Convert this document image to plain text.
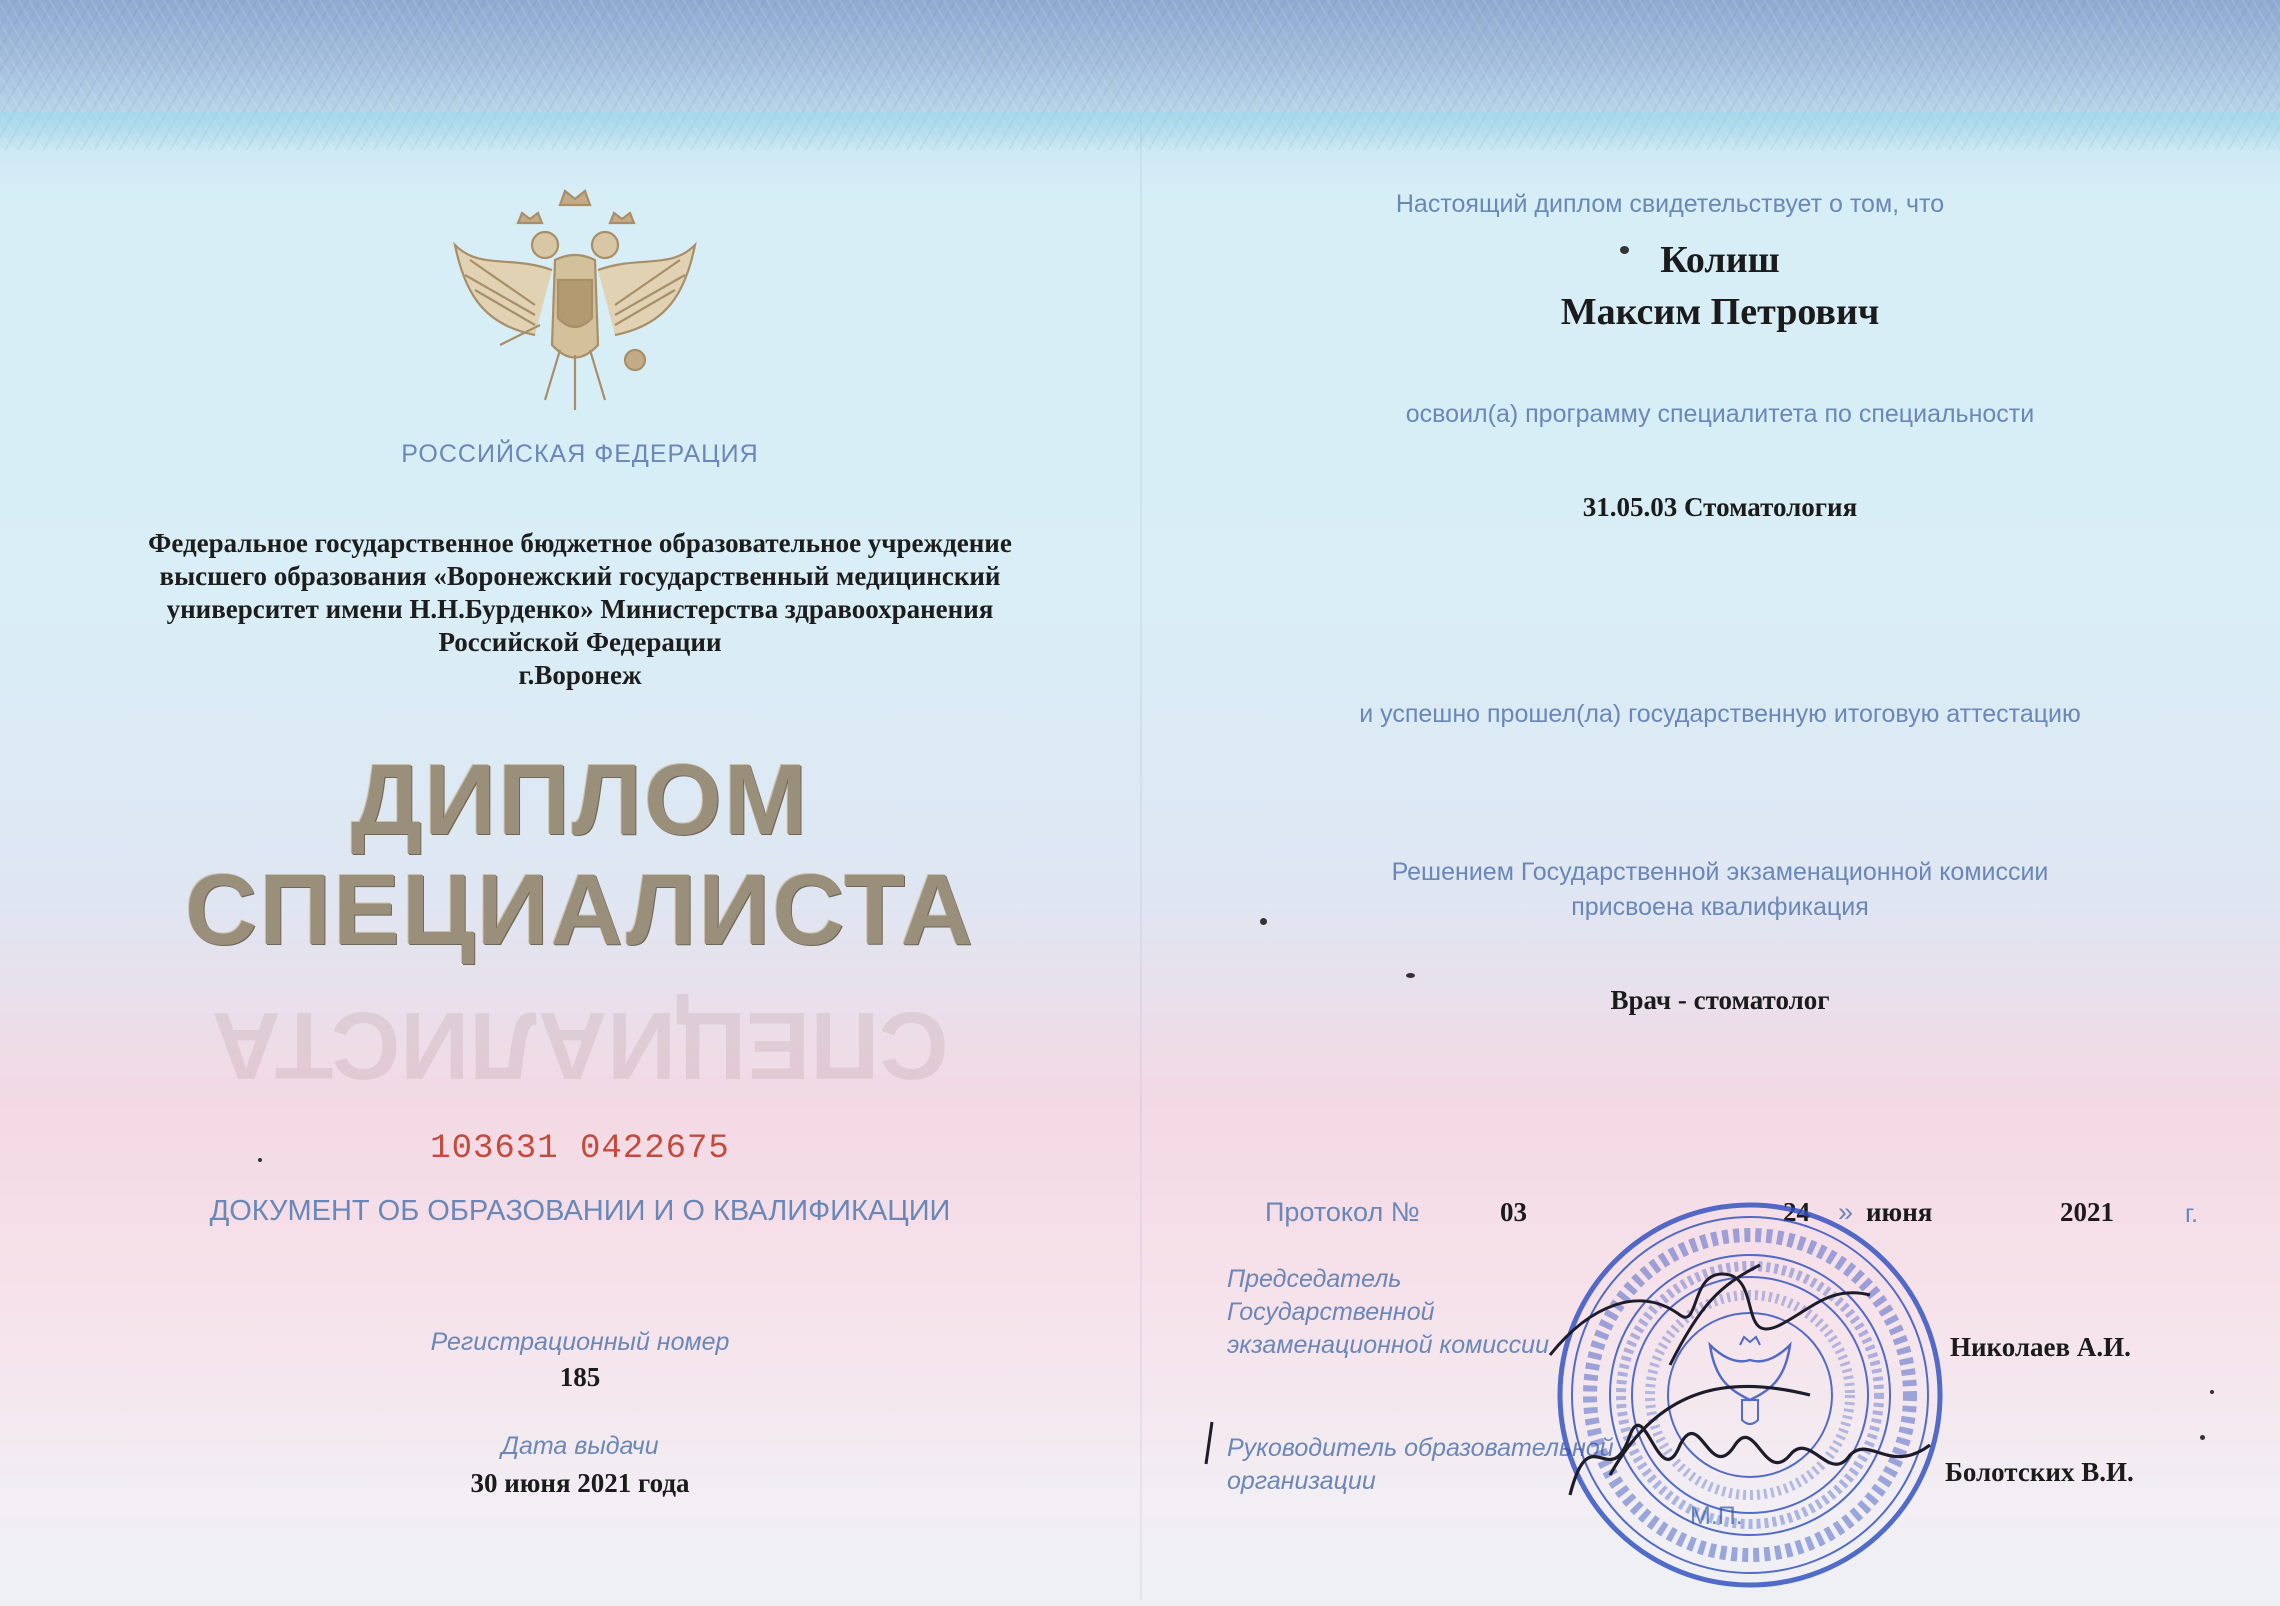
РОССИЙСКАЯ ФЕДЕРАЦИЯ
Федеральное государственное бюджетное образовательное учреждение
высшего образования «Воронежский государственный медицинский
университет имени Н.Н.Бурденко» Министерства здравоохранения
Российской Федерации
г.Воронеж
ДИПЛОМ
СПЕЦИАЛИСТА
СПЕЦИАЛИСТА
103631 0422675
ДОКУМЕНТ ОБ ОБРАЗОВАНИИ И О КВАЛИФИКАЦИИ
Регистрационный номер
185
Дата выдачи
30 июня 2021 года
Настоящий диплом свидетельствует о том, что
Колиш
Максим Петрович
освоил(а) программу специалитета по специальности
31.05.03 Стоматология
и успешно прошел(ла) государственную итоговую аттестацию
Решением Государственной экзаменационной комиссии
присвоена квалификация
Врач - стоматолог
Протокол №	03	24 » июня	2021	г.
Председатель
Государственной
экзаменационной комиссии	Николаев А.И.
Руководитель образовательной
организации	Болотских В.И.
М.П.
